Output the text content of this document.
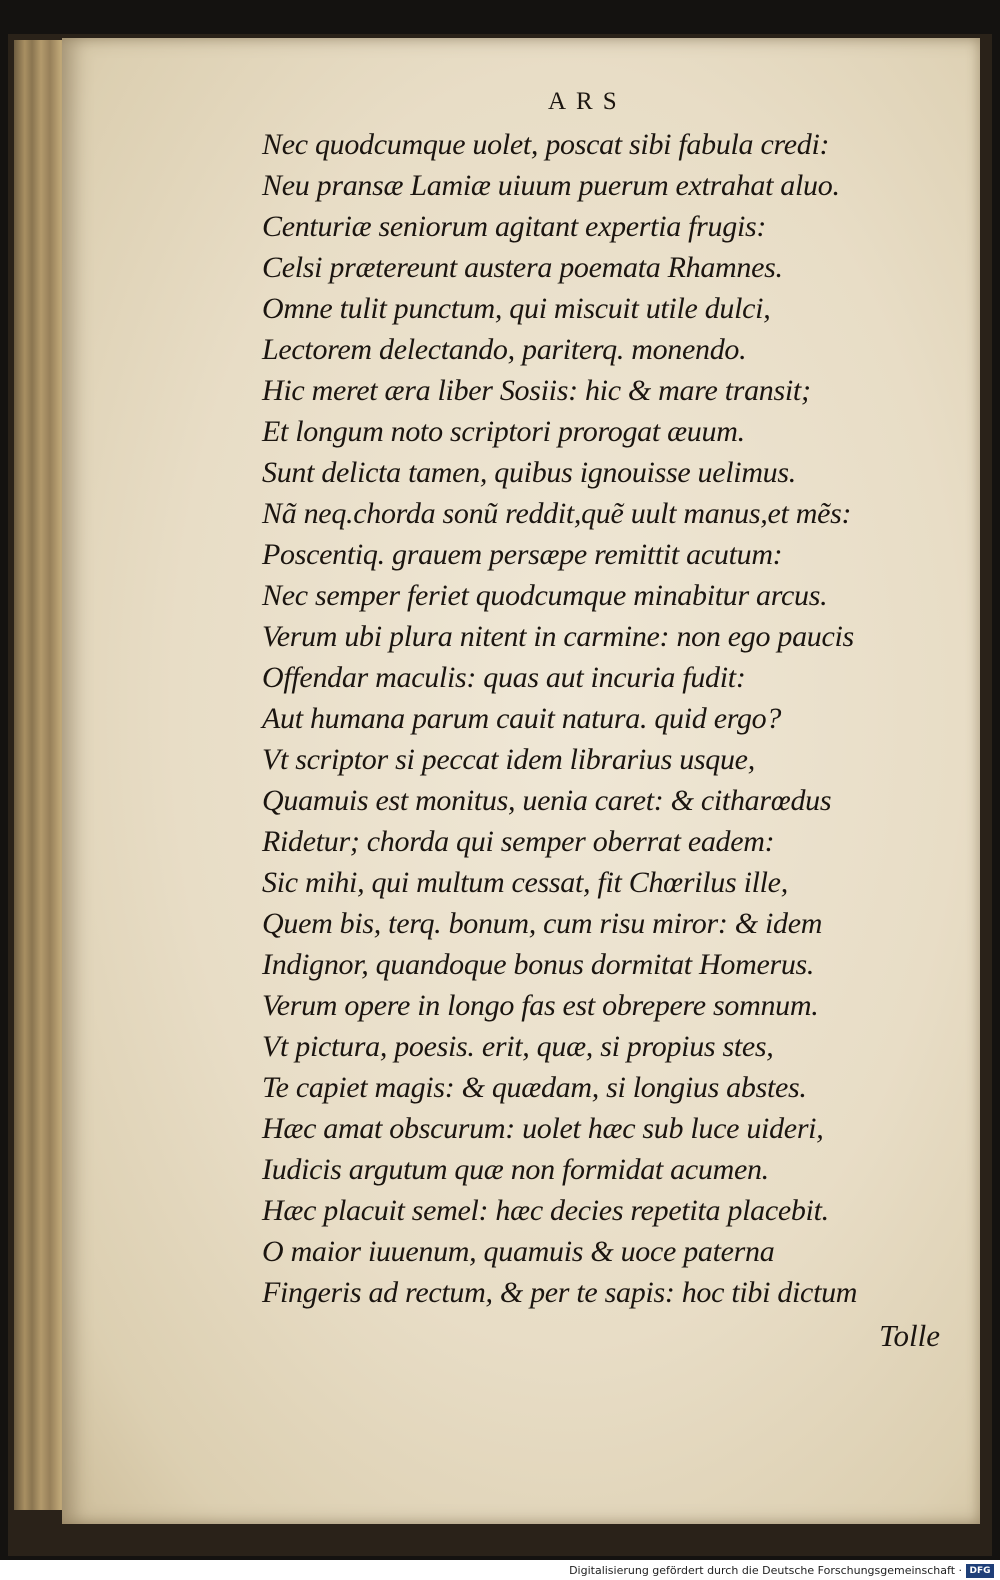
ARS
Nec quodcumque uolet, poscat sibi fabula credi:
Neu pransæ Lamiæ uiuum puerum extrahat aluo.
Centuriæ seniorum agitant expertia frugis:
Celsi prætereunt austera poemata Rhamnes.
Omne tulit punctum, qui miscuit utile dulci,
Lectorem delectando, pariterq. monendo.
Hic meret æra liber Sosiis: hic & mare transit;
Et longum noto scriptori prorogat æuum.
Sunt delicta tamen, quibus ignouisse uelimus.
Nã neq.chorda sonũ reddit,quẽ uult manus,et mẽs:
Poscentiq. grauem persæpe remittit acutum:
Nec semper feriet quodcumque minabitur arcus.
Verum ubi plura nitent in carmine: non ego paucis
Offendar maculis: quas aut incuria fudit:
Aut humana parum cauit natura. quid ergo?
Vt scriptor si peccat idem librarius usque,
Quamuis est monitus, uenia caret: & citharœdus
Ridetur; chorda qui semper oberrat eadem:
Sic mihi, qui multum cessat, fit Chœrilus ille,
Quem bis, terq. bonum, cum risu miror: & idem
Indignor, quandoque bonus dormitat Homerus.
Verum opere in longo fas est obrepere somnum.
Vt pictura, poesis. erit, quæ, si propius stes,
Te capiet magis: & quædam, si longius abstes.
Hæc amat obscurum: uolet hæc sub luce uideri,
Iudicis argutum quæ non formidat acumen.
Hæc placuit semel: hæc decies repetita placebit.
O maior iuuenum, quamuis & uoce paterna
Fingeris ad rectum, & per te sapis: hoc tibi dictum
Tolle
Digitalisierung gefördert durch die Deutsche Forschungsgemeinschaft · DFG
